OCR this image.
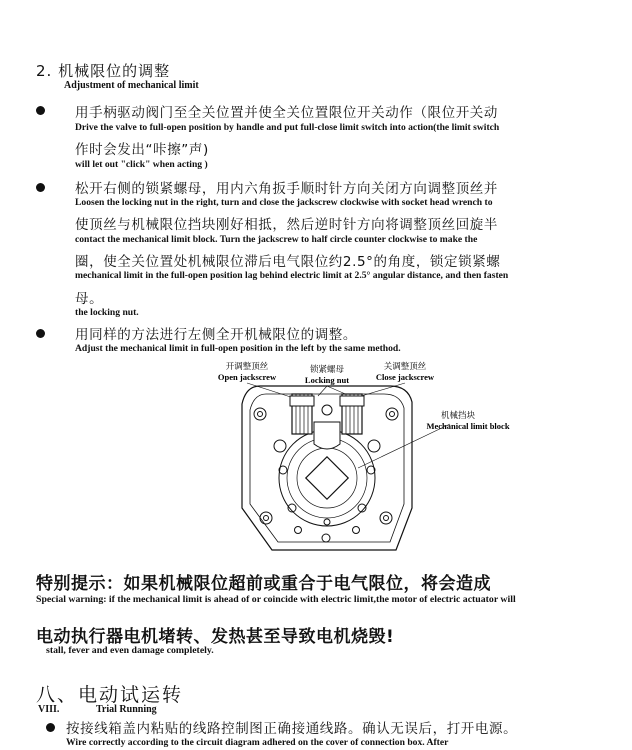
2. 机械限位的调整
Adjustment of mechanical limit
用手柄驱动阀门至全关位置并使全关位置限位开关动作（限位开关动
Drive the valve to full-open position by handle and put full-close limit switch into action(the limit switch
作时会发出“咔擦”声)
will let out "click" when acting )
松开右侧的锁紧螺母，用内六角扳手顺时针方向关闭方向调整顶丝并
Loosen the locking nut in the right, turn and close the jackscrew clockwise with socket head wrench to
使顶丝与机械限位挡块刚好相抵，然后逆时针方向将调整顶丝回旋半
contact the mechanical limit block. Turn the jackscrew to half circle counter clockwise to make the
圈，使全关位置处机械限位滞后电气限位约2.5°的角度，锁定锁紧螺
mechanical limit in the full-open position lag behind electric limit at 2.5° angular distance, and then fasten
母。
the locking nut.
用同样的方法进行左侧全开机械限位的调整。
Adjust the mechanical limit in full-open position in the left by the same method.
开调整顶丝
Open jackscrew
锁紧螺母
Locking nut
关调整顶丝
Close jackscrew
机械挡块
Mechanical limit block
特别提示：如果机械限位超前或重合于电气限位，将会造成
Special warning: if the mechanical limit is ahead of or coincide with electric limit,the motor of electric actuator will
电动执行器电机堵转、发热甚至导致电机烧毁!
stall, fever and even damage completely.
八、电动试运转
VIII.	Trial Running
按接线箱盖内粘贴的线路控制图正确接通线路。确认无误后，打开电源。
Wire correctly according to the circuit diagram adhered on the cover of connection box. After
